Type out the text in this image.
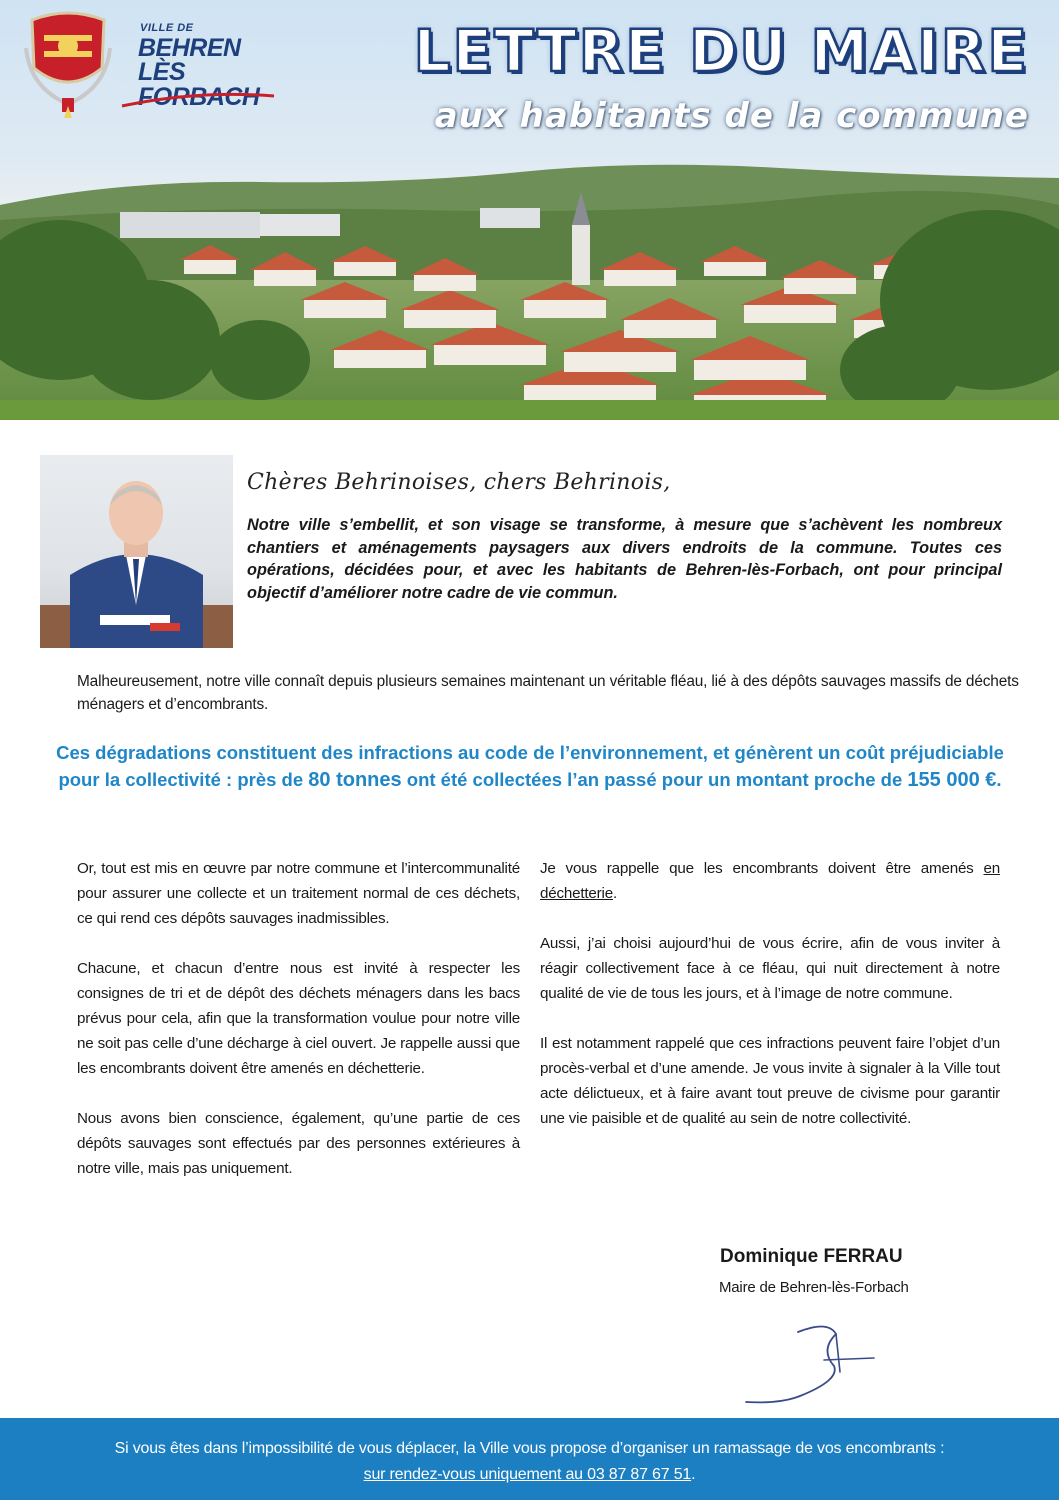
VILLE DE
BEHREN
LÈS FORBACH
LETTRE DU MAIRE
aux habitants de la commune
Chères Behrinoises, chers Behrinois,

Notre ville s’embellit, et son visage se transforme, à mesure que s’achèvent les nombreux chantiers et aménagements paysagers aux divers endroits de la commune. Toutes ces opérations, décidées pour, et avec les habitants de Behren-lès-Forbach, ont pour principal objectif d’améliorer notre cadre de vie commun.

Malheureusement, notre ville connaît depuis plusieurs semaines maintenant un véritable fléau, lié à des dépôts sauvages massifs de déchets ménagers et d’encombrants.

Ces dégradations constituent des infractions au code de l’environnement, et génèrent un coût préjudiciable pour la collectivité : près de 80 tonnes ont été collectées l’an passé pour un montant proche de 155 000 €.

Or, tout est mis en œuvre par notre commune et l’intercommunalité pour assurer une collecte et un traitement normal de ces déchets, ce qui rend ces dépôts sauvages inadmissibles.

Chacune, et chacun d’entre nous est invité à respecter les consignes de tri et de dépôt des déchets ménagers dans les bacs prévus pour cela, afin que la transformation voulue pour notre ville ne soit pas celle d’une décharge à ciel ouvert. Je rappelle aussi que les encombrants doivent être amenés en déchetterie.

Nous avons bien conscience, également, qu’une partie de ces dépôts sauvages sont effectués par des personnes extérieures à notre ville, mais pas uniquement.

Je vous rappelle que les encombrants doivent être amenés en déchetterie.

Aussi, j’ai choisi aujourd’hui de vous écrire, afin de vous inviter à réagir collectivement face à ce fléau, qui nuit directement à notre qualité de vie de tous les jours, et à l’image de notre commune.

Il est notamment rappelé que ces infractions peuvent faire l’objet d’un procès-verbal et d’une amende. Je vous invite à signaler à la Ville tout acte délictueux, et à faire avant tout preuve de civisme pour garantir une vie paisible et de qualité au sein de notre collectivité.

Dominique FERRAU
Maire de Behren-lès-Forbach
Si vous êtes dans l’impossibilité de vous déplacer, la Ville vous propose d’organiser un ramassage de vos encombrants :
sur rendez-vous uniquement au 03 87 87 67 51.
